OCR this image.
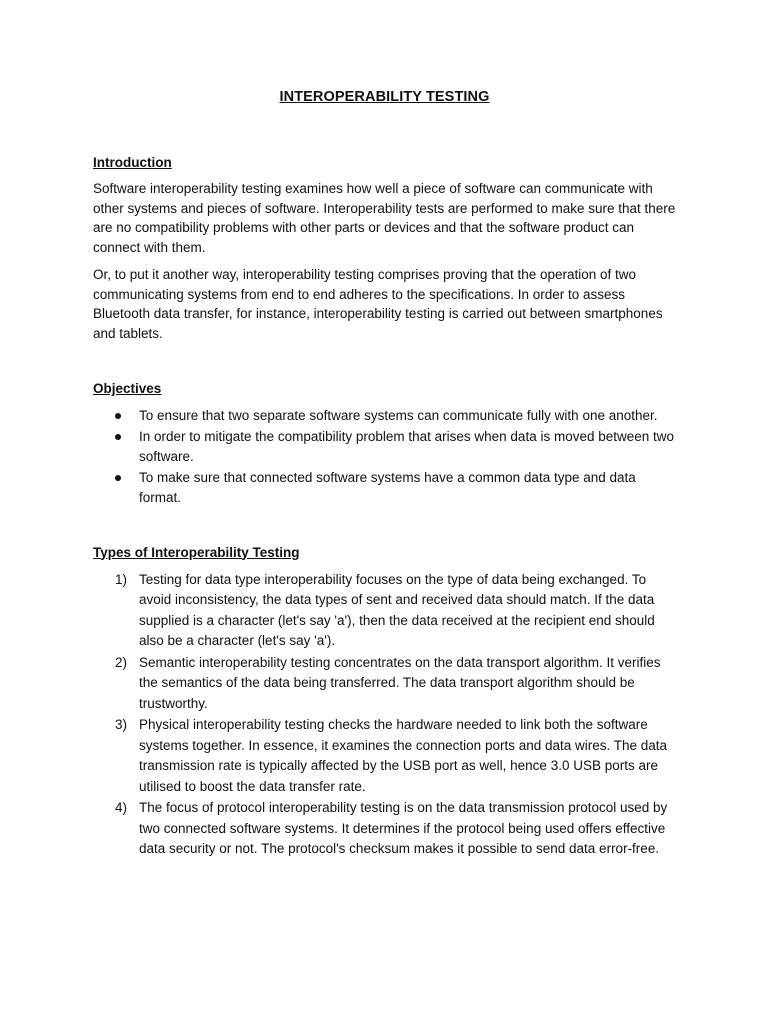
INTEROPERABILITY TESTING
Introduction

Software interoperability testing examines how well a piece of software can communicate with other systems and pieces of software. Interoperability tests are performed to make sure that there are no compatibility problems with other parts or devices and that the software product can connect with them.

Or, to put it another way, interoperability testing comprises proving that the operation of two communicating systems from end to end adheres to the specifications. In order to assess Bluetooth data transfer, for instance, interoperability testing is carried out between smartphones and tablets.

Objectives
To ensure that two separate software systems can communicate fully with one another.
In order to mitigate the compatibility problem that arises when data is moved between two software.
To make sure that connected software systems have a common data type and data format.
Types of Interoperability Testing
1) Testing for data type interoperability focuses on the type of data being exchanged. To avoid inconsistency, the data types of sent and received data should match. If the data supplied is a character (let's say 'a'), then the data received at the recipient end should also be a character (let's say 'a').
2) Semantic interoperability testing concentrates on the data transport algorithm. It verifies the semantics of the data being transferred. The data transport algorithm should be trustworthy.
3) Physical interoperability testing checks the hardware needed to link both the software systems together. In essence, it examines the connection ports and data wires. The data transmission rate is typically affected by the USB port as well, hence 3.0 USB ports are utilised to boost the data transfer rate.
4) The focus of protocol interoperability testing is on the data transmission protocol used by two connected software systems. It determines if the protocol being used offers effective data security or not. The protocol's checksum makes it possible to send data error-free.
